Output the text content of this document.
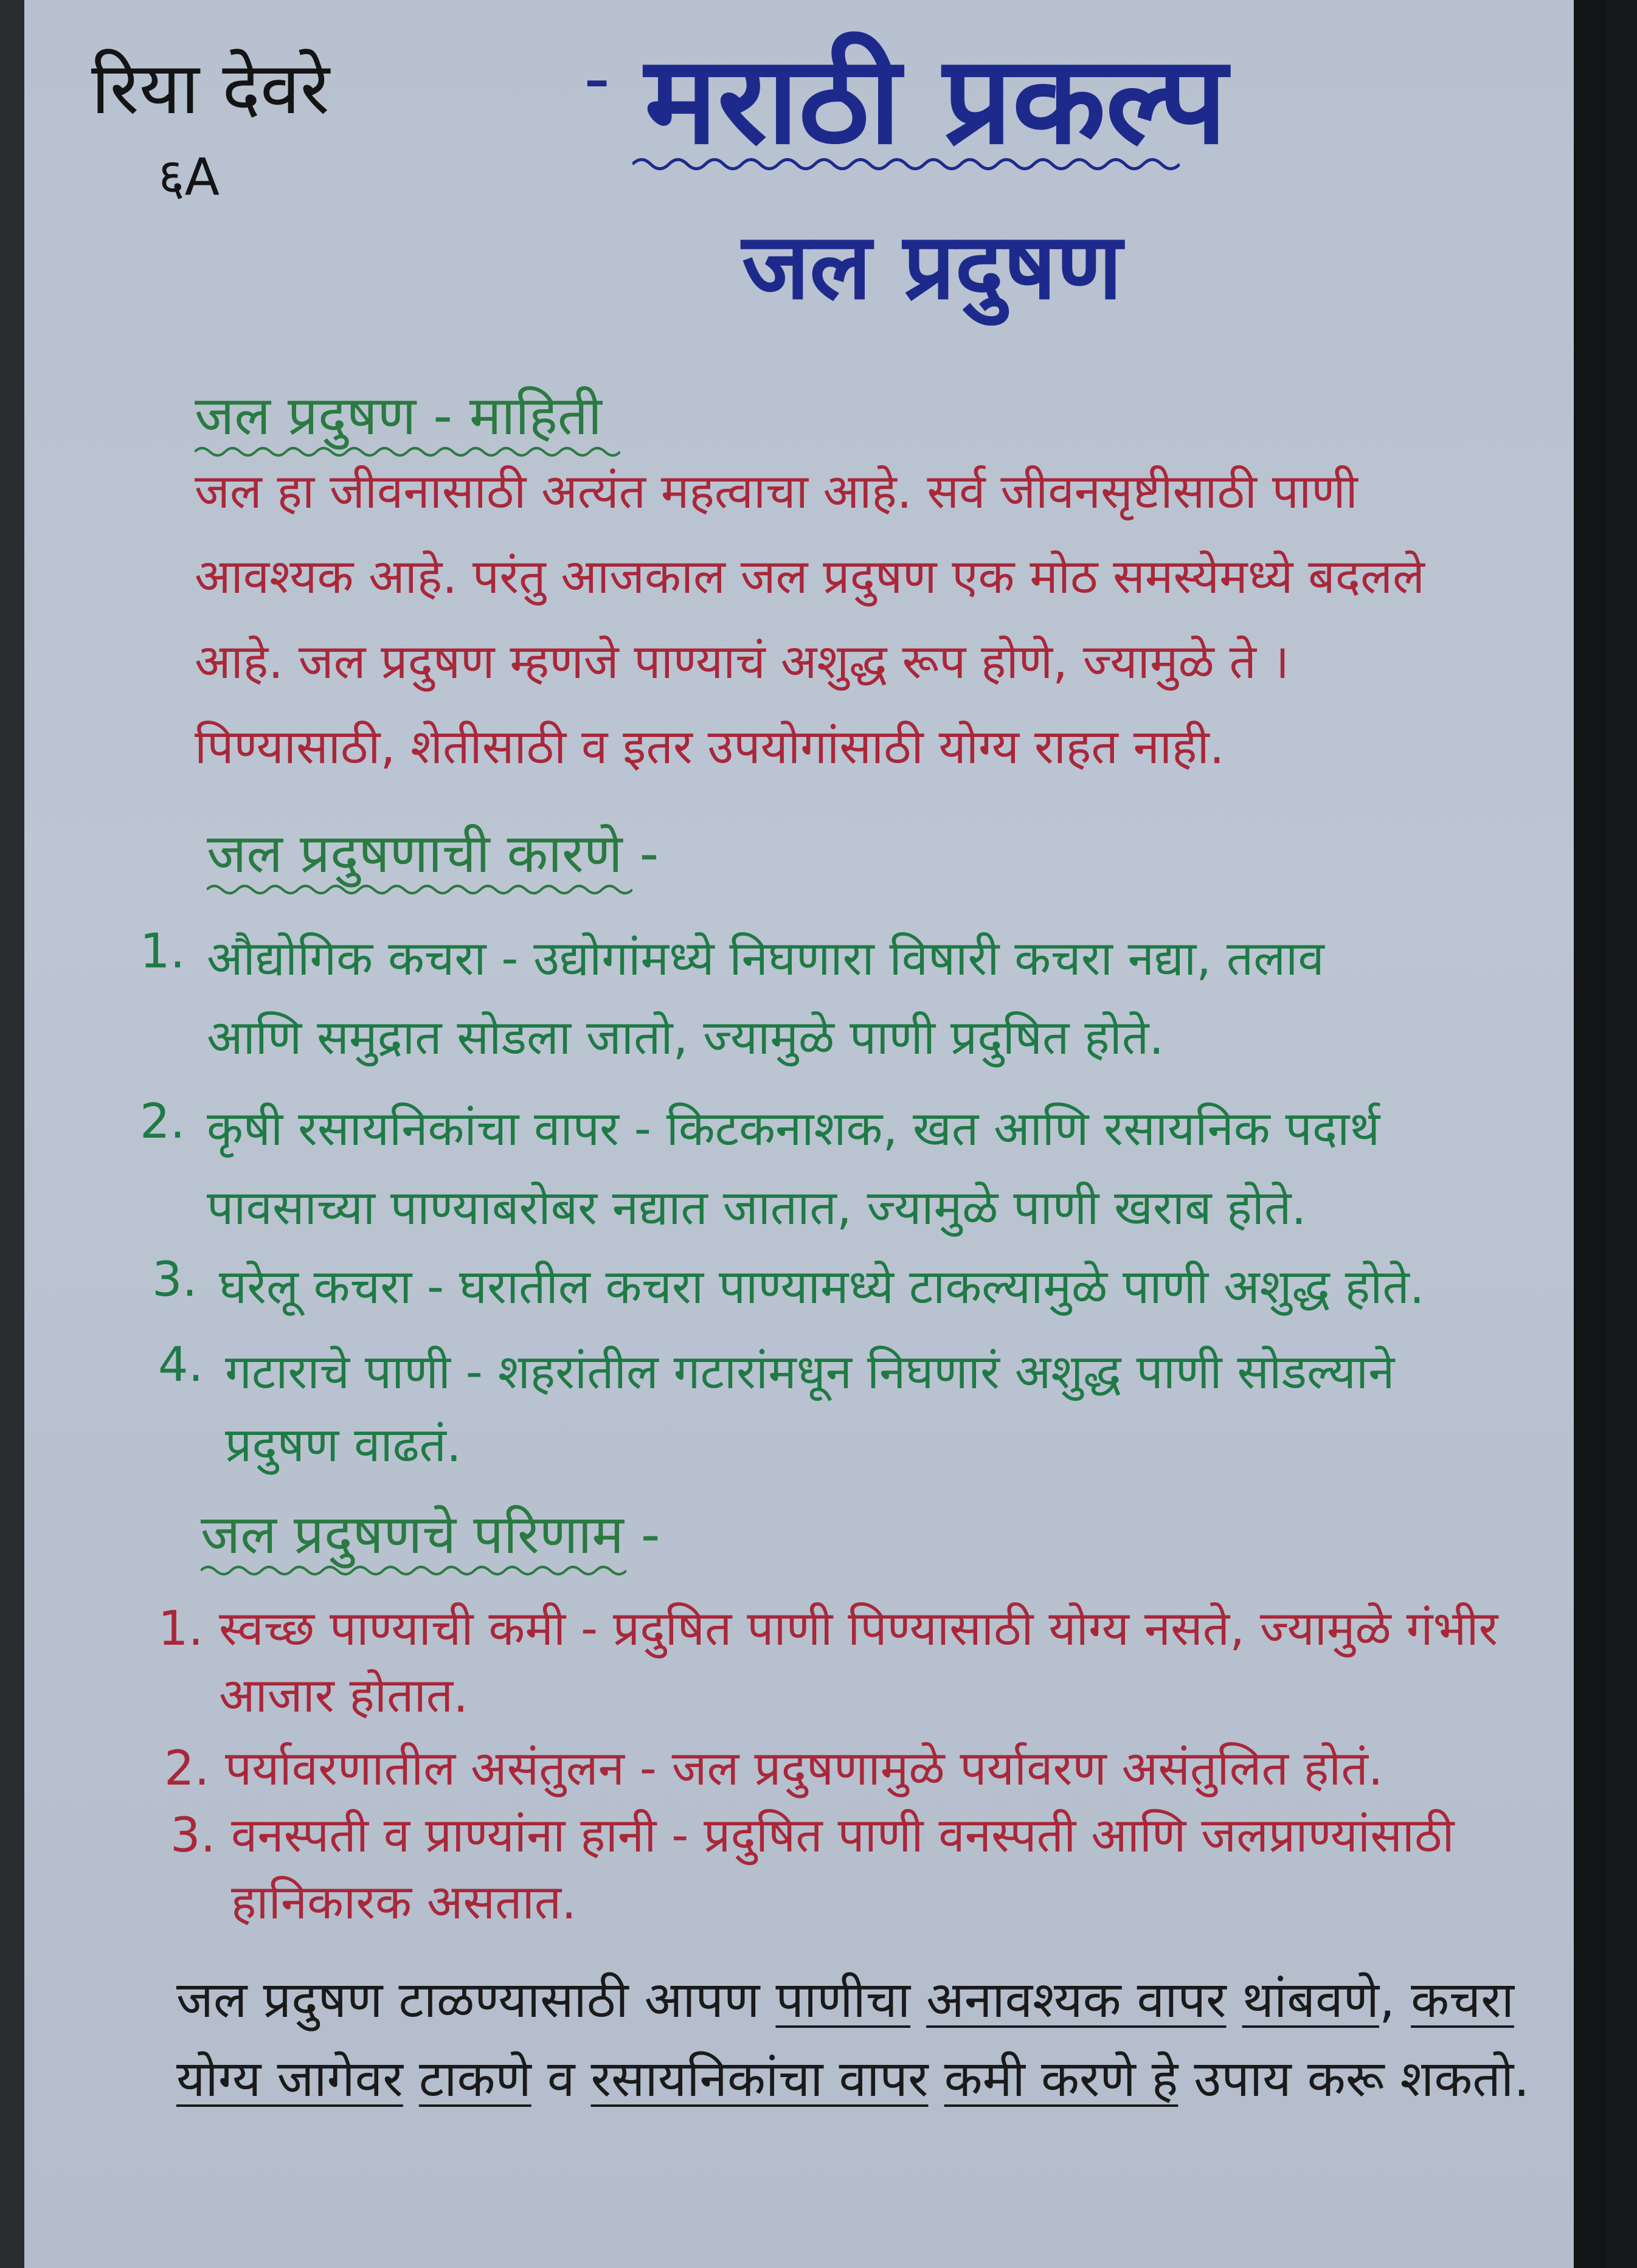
रिया देवरे

६A

- मराठी प्रकल्प

जल प्रदुषण

जल प्रदुषण - माहिती

जल हा जीवनासाठी अत्यंत महत्वाचा आहे. सर्व जीवनसृष्टीसाठी पाणी

आवश्यक आहे. परंतु आजकाल जल प्रदुषण एक मोठ समस्येमध्ये बदलले

आहे. जल प्रदुषण म्हणजे पाण्याचं अशुद्ध रूप होणे, ज्यामुळे ते ।

पिण्यासाठी, शेतीसाठी व इतर उपयोगांसाठी योग्य राहत नाही.

जल प्रदुषणाची कारणे -

1. औद्योगिक कचरा - उद्योगांमध्ये निघणारा विषारी कचरा नद्या, तलाव

आणि समुद्रात सोडला जातो, ज्यामुळे पाणी प्रदुषित होते.

2. कृषी रसायनिकांचा वापर - किटकनाशक, खत आणि रसायनिक पदार्थ

पावसाच्या पाण्याबरोबर नद्यात जातात, ज्यामुळे पाणी खराब होते.

3. घरेलू कचरा - घरातील कचरा पाण्यामध्ये टाकल्यामुळे पाणी अशुद्ध होते.

4. गटाराचे पाणी - शहरांतील गटारांमधून निघणारं अशुद्ध पाणी सोडल्याने

प्रदुषण वाढतं.

जल प्रदुषणचे परिणाम -

1. स्वच्छ पाण्याची कमी - प्रदुषित पाणी पिण्यासाठी योग्य नसते, ज्यामुळे गंभीर

आजार होतात.

2. पर्यावरणातील असंतुलन - जल प्रदुषणामुळे पर्यावरण असंतुलित होतं.

3. वनस्पती व प्राण्यांना हानी - प्रदुषित पाणी वनस्पती आणि जलप्राण्यांसाठी

हानिकारक असतात.

जल प्रदुषण टाळण्यासाठी आपण पाणीचा अनावश्यक वापर थांबवणे, कचरा

योग्य जागेवर टाकणे व रसायनिकांचा वापर कमी करणे हे उपाय करू शकतो.
